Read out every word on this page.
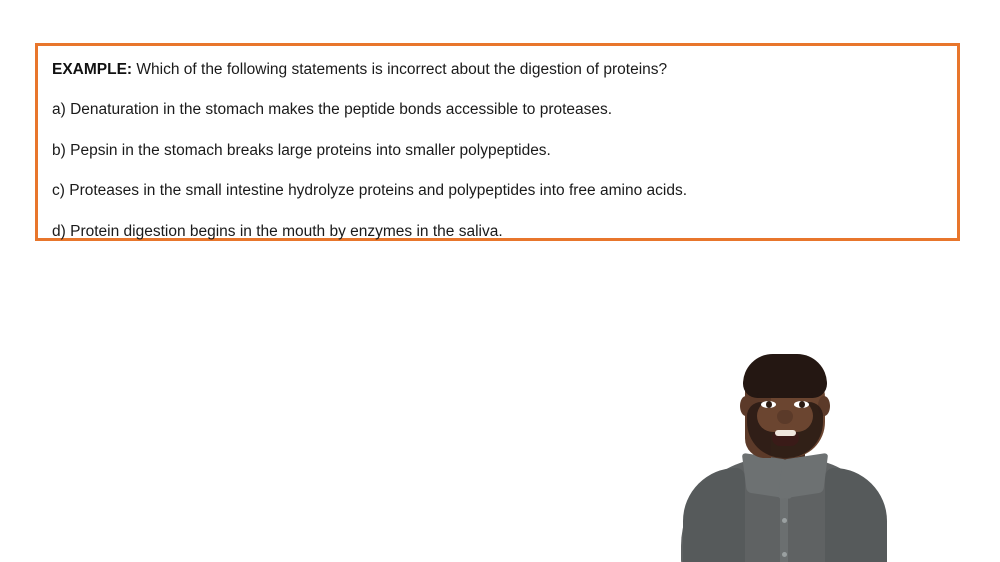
EXAMPLE: Which of the following statements is incorrect about the digestion of proteins?

a) Denaturation in the stomach makes the peptide bonds accessible to proteases.

b) Pepsin in the stomach breaks large proteins into smaller polypeptides.

c) Proteases in the small intestine hydrolyze proteins and polypeptides into free amino acids.

d) Protein digestion begins in the mouth by enzymes in the saliva.
